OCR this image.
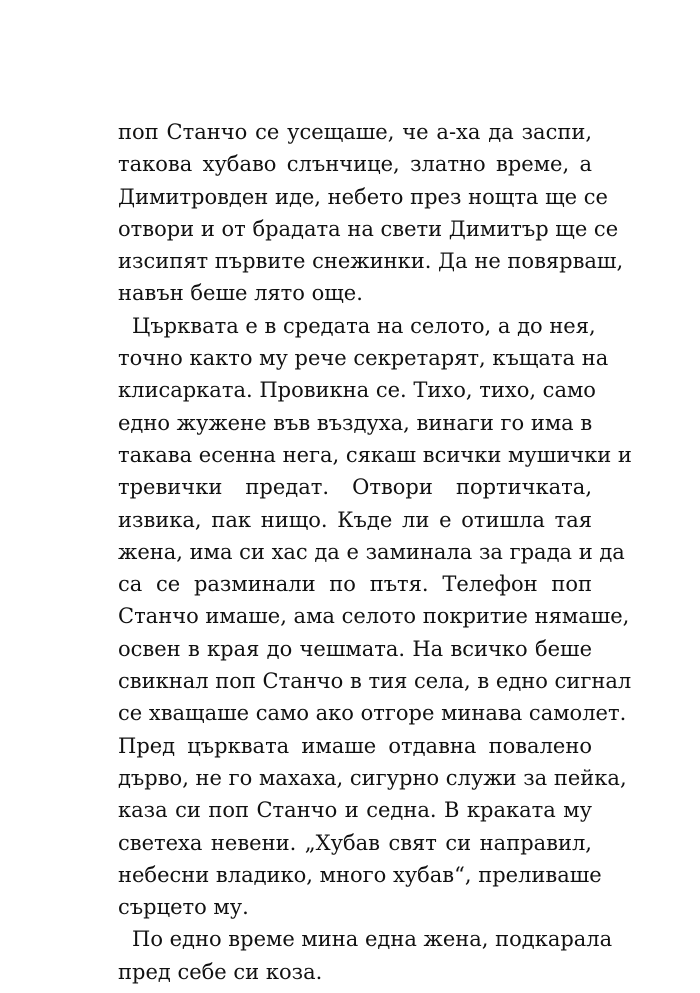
поп Станчо се усещаше, че а-ха да заспи,
такова хубаво слънчице, златно време, а
Димитровден иде, небето през нощта ще се
отвори и от брадата на свети Димитър ще се
изсипят първите снежинки. Да не повярваш,
навън беше лято още.

Църквата е в средата на селото, а до нея,
точно както му рече секретарят, къщата на
клисарката. Провикна се. Тихо, тихо, само
едно жужене във въздуха, винаги го има в
такава есенна нега, сякаш всички мушички и
тревички предат. Отвори портичката,
извика, пак нищо. Къде ли е отишла тая
жена, има си хас да е заминала за града и да
са се разминали по пътя. Телефон поп
Станчо имаше, ама селото покритие нямаше,
освен в края до чешмата. На всичко беше
свикнал поп Станчо в тия села, в едно сигнал
се хващаше само ако отгоре минава самолет.
Пред църквата имаше отдавна повалено
дърво, не го махаха, сигурно служи за пейка,
каза си поп Станчо и седна. В краката му
светеха невени. „Хубав свят си направил,
небесни владико, много хубав“, преливаше
сърцето му.

По едно време мина една жена, подкарала
пред себе си коза.
